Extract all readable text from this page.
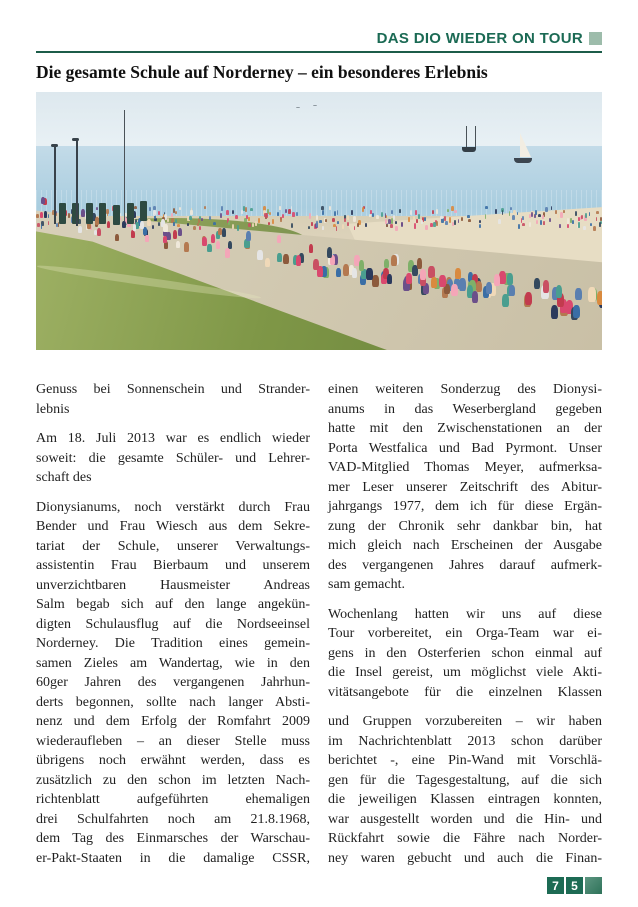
DAS DIO WIEDER ON TOUR
Die gesamte Schule auf Norderney – ein besonderes Erlebnis
Genuss bei Sonnenschein und Strander-
lebnis
Am 18. Juli 2013 war es endlich wieder
soweit: die gesamte Schüler- und Lehrer-
schaft des
Dionysianums, noch verstärkt durch Frau
Bender und Frau Wiesch aus dem Sekre-
tariat der Schule, unserer Verwaltungs-
assistentin Frau Bierbaum und unserem
unverzichtbaren Hausmeister Andreas
Salm begab sich auf den lange angekün-
digten Schulausflug auf die Nordseeinsel
Norderney. Die Tradition eines gemein-
samen Zieles am Wandertag, wie in den
60ger Jahren des vergangenen Jahrhun-
derts begonnen, sollte nach langer Absti-
nenz und dem Erfolg der Romfahrt 2009
wiederaufleben – an dieser Stelle muss
übrigens noch erwähnt werden, dass es
zusätzlich zu den schon im letzten Nach-
richtenblatt aufgeführten ehemaligen
drei Schulfahrten noch am 21.8.1968,
dem Tag des Einmarsches der Warschau-
er-Pakt-Staaten in die damalige CSSR,
einen weiteren Sonderzug des Dionysi-
anums in das Weserbergland gegeben
hatte mit den Zwischenstationen an der
Porta Westfalica und Bad Pyrmont. Unser
VAD-Mitglied Thomas Meyer, aufmerksa-
mer Leser unserer Zeitschrift des Abitur-
jahrgangs 1977, dem ich für diese Ergän-
zung der Chronik sehr dankbar bin, hat
mich gleich nach Erscheinen der Ausgabe
des vergangenen Jahres darauf aufmerk-
sam gemacht.
Wochenlang hatten wir uns auf diese
Tour vorbereitet, ein Orga-Team war ei-
gens in den Osterferien schon einmal auf
die Insel gereist, um möglichst viele Akti-
vitätsangebote für die einzelnen Klassen
und Gruppen vorzubereiten – wir haben
im Nachrichtenblatt 2013 schon darüber
berichtet -, eine Pin-Wand mit Vorschlä-
gen für die Tagesgestaltung, auf die sich
die jeweiligen Klassen eintragen konnten,
war ausgestellt worden und die Hin- und
Rückfahrt sowie die Fähre nach Norder-
ney waren gebucht und auch die Finan-
7	5
